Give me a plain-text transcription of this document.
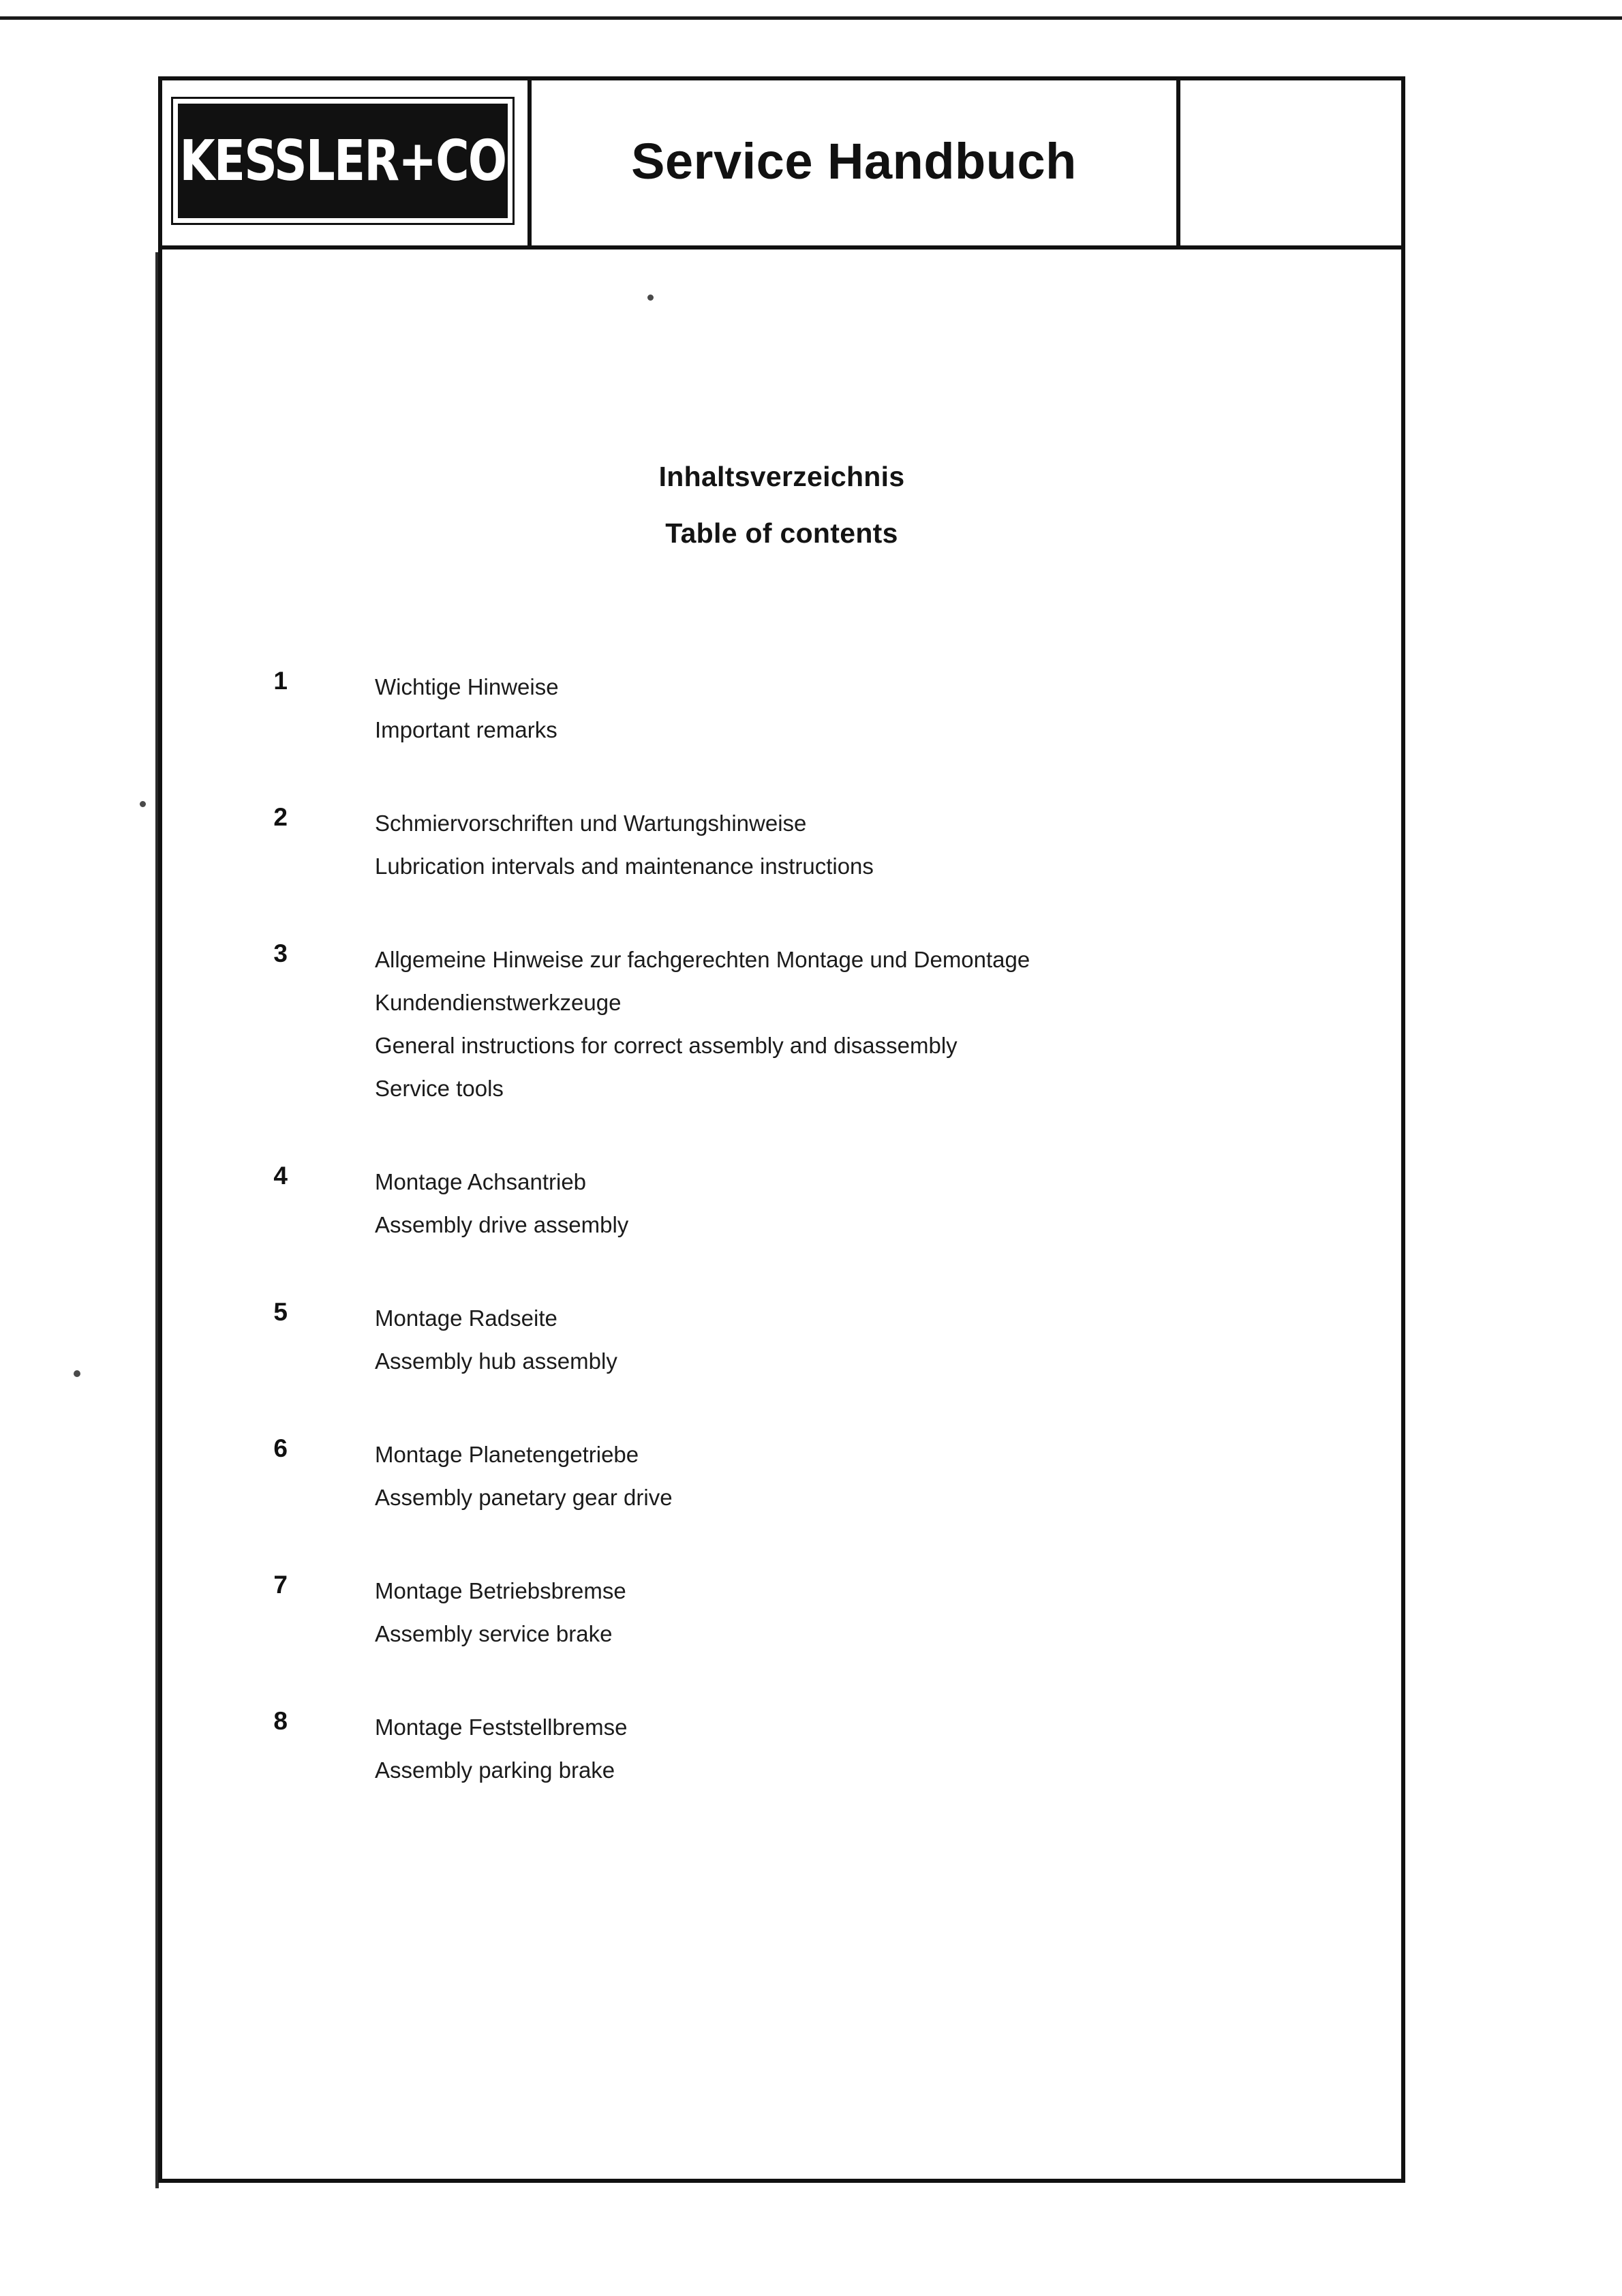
KESSLER+CO Service Handbuch
Inhaltsverzeichnis
Table of contents
1	Wichtige Hinweise
Important remarks
2	Schmiervorschriften und Wartungshinweise
Lubrication intervals and maintenance instructions
3	Allgemeine Hinweise zur fachgerechten Montage und Demontage
Kundendienstwerkzeuge
General instructions for correct assembly and disassembly
Service tools
4	Montage Achsantrieb
Assembly drive assembly
5	Montage Radseite
Assembly hub assembly
6	Montage Planetengetriebe
Assembly panetary gear drive
7	Montage Betriebsbremse
Assembly service brake
8	Montage Feststellbremse
Assembly parking brake
